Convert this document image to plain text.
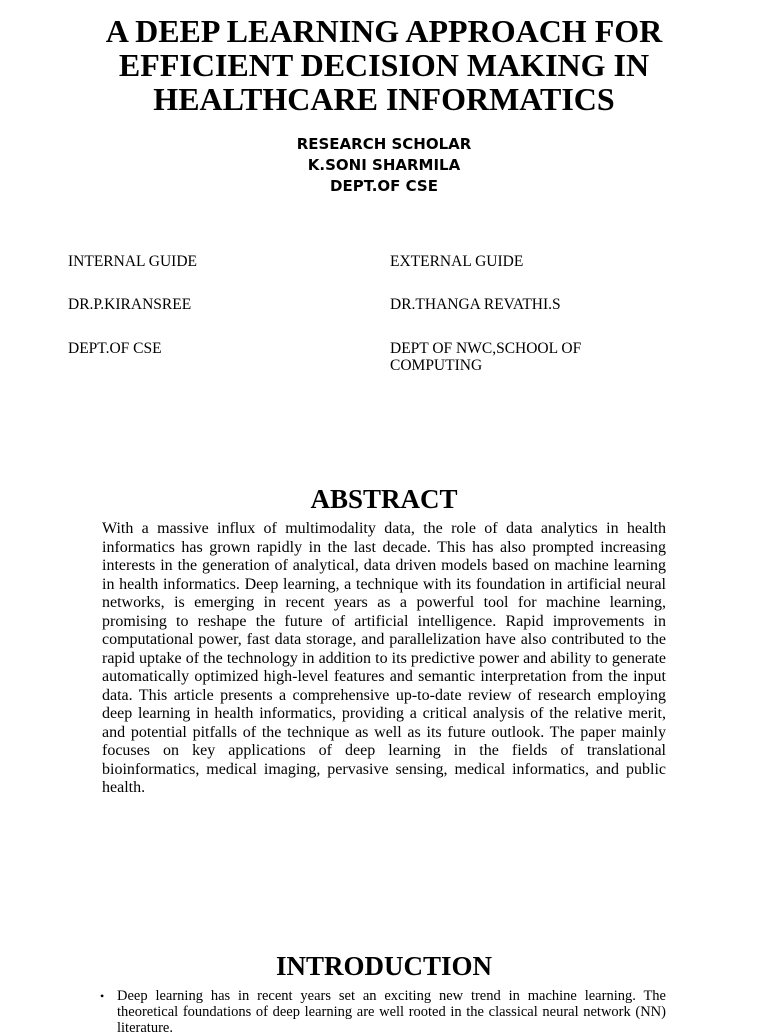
A DEEP LEARNING APPROACH FOR
EFFICIENT DECISION MAKING IN
HEALTHCARE INFORMATICS
RESEARCH SCHOLAR
K.SONI SHARMILA
DEPT.OF CSE
INTERNAL GUIDE
DR.P.KIRANSREE
DEPT.OF CSE
EXTERNAL GUIDE
DR.THANGA REVATHI.S
DEPT OF NWC,SCHOOL OF COMPUTING
ABSTRACT

With a massive influx of multimodality data, the role of data analytics in health informatics has grown rapidly in the last decade. This has also prompted increasing interests in the generation of analytical, data driven models based on machine learning in health informatics. Deep learning, a technique with its foundation in artificial neural networks, is emerging in recent years as a powerful tool for machine learning, promising to reshape the future of artificial intelligence. Rapid improvements in computational power, fast data storage, and parallelization have also contributed to the rapid uptake of the technology in addition to its predictive power and ability to generate automatically optimized high-level features and semantic interpretation from the input data. This article presents a comprehensive up-to-date review of research employing deep learning in health informatics, providing a critical analysis of the relative merit, and potential pitfalls of the technique as well as its future outlook. The paper mainly focuses on key applications of deep learning in the fields of translational bioinformatics, medical imaging, pervasive sensing, medical informatics, and public health.

INTRODUCTION
• Deep learning has in recent years set an exciting new trend in machine learning. The theoretical foundations of deep learning are well rooted in the classical neural network (NN) literature.
